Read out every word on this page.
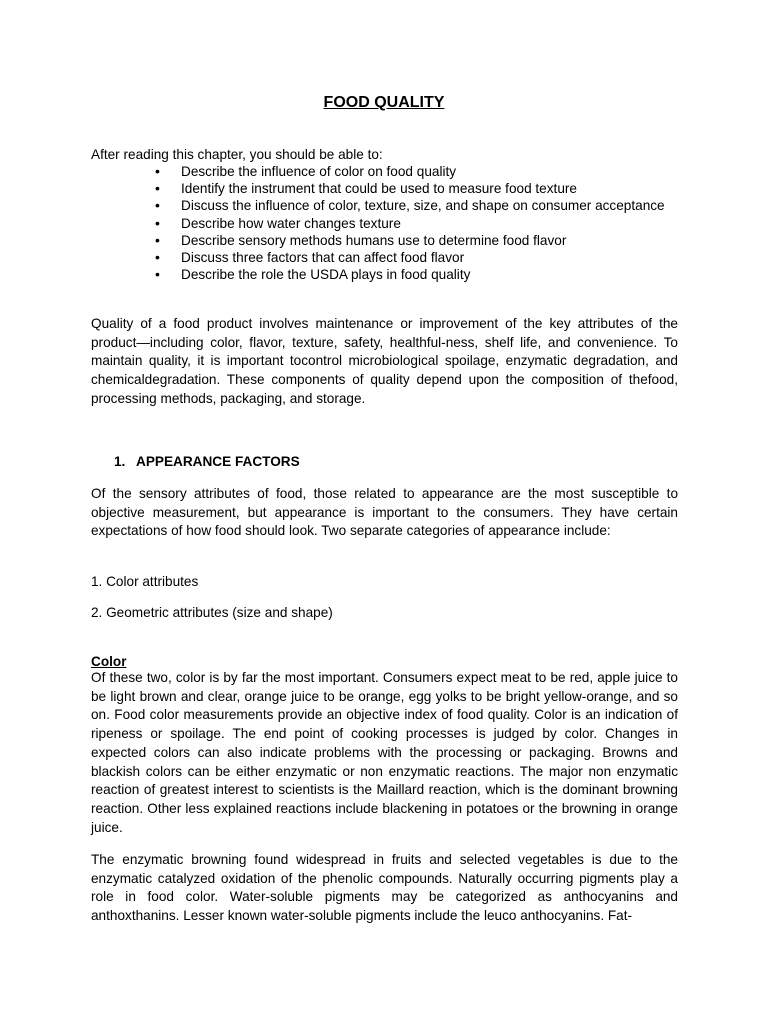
FOOD QUALITY

After reading this chapter, you should be able to:

• Describe the influence of color on food quality
• Identify the instrument that could be used to measure food texture
• Discuss the influence of color, texture, size, and shape on consumer acceptance
• Describe how water changes texture
• Describe sensory methods humans use to determine food flavor
• Discuss three factors that can affect food flavor
• Describe the role the USDA plays in food quality

Quality of a food product involves maintenance or improvement of the key attributes of the product—including color, flavor, texture, safety, healthful-ness, shelf life, and convenience. To maintain quality, it is important tocontrol microbiological spoilage, enzymatic degradation, and chemicaldegradation. These components of quality depend upon the composition of thefood, processing methods, packaging, and storage.

1. APPEARANCE FACTORS

Of the sensory attributes of food, those related to appearance are the most susceptible to objective measurement, but appearance is important to the consumers. They have certain expectations of how food should look. Two separate categories of appearance include:

1. Color attributes

2. Geometric attributes (size and shape)

Color

Of these two, color is by far the most important. Consumers expect meat to be red, apple juice to be light brown and clear, orange juice to be orange, egg yolks to be bright yellow-orange, and so on. Food color measurements provide an objective index of food quality. Color is an indication of ripeness or spoilage. The end point of cooking processes is judged by color. Changes in expected colors can also indicate problems with the processing or packaging. Browns and blackish colors can be either enzymatic or non enzymatic reactions. The major non enzymatic reaction of greatest interest to scientists is the Maillard reaction, which is the dominant browning reaction. Other less explained reactions include blackening in potatoes or the browning in orange juice.

The enzymatic browning found widespread in fruits and selected vegetables is due to the enzymatic catalyzed oxidation of the phenolic compounds. Naturally occurring pigments play a role in food color. Water-soluble pigments may be categorized as anthocyanins and anthoxthanins. Lesser known water-soluble pigments include the leuco anthocyanins. Fat-
